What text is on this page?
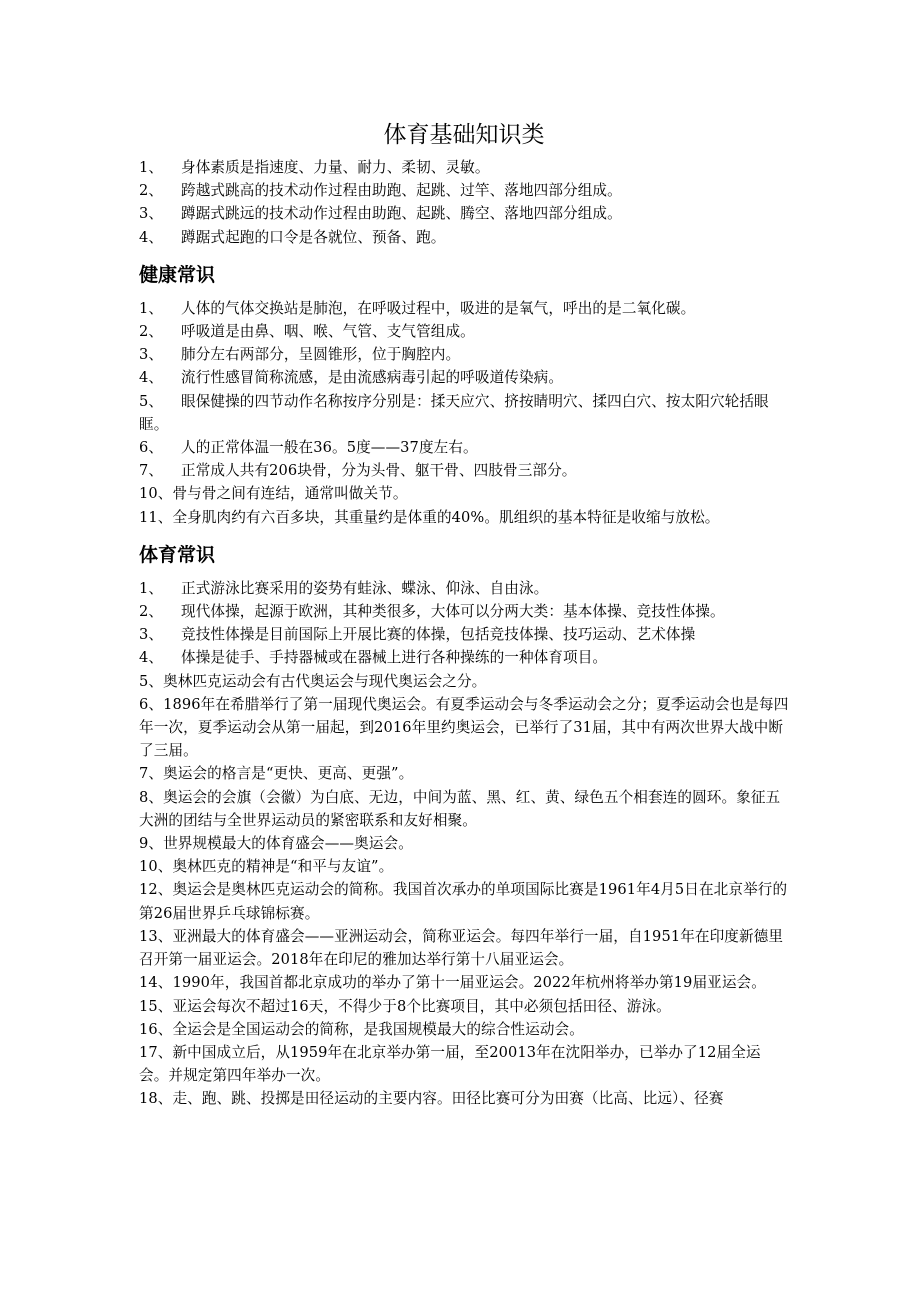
体育基础知识类

1、 身体素质是指速度、力量、耐力、柔韧、灵敏。

2、 跨越式跳高的技术动作过程由助跑、起跳、过竿、落地四部分组成。

3、 蹲踞式跳远的技术动作过程由助跑、起跳、腾空、落地四部分组成。

4、 蹲踞式起跑的口令是各就位、预备、跑。

健康常识

1、 人体的气体交换站是肺泡，在呼吸过程中，吸进的是氧气，呼出的是二氧化碳。

2、 呼吸道是由鼻、咽、喉、气管、支气管组成。

3、 肺分左右两部分，呈圆锥形，位于胸腔内。

4、 流行性感冒简称流感，是由流感病毒引起的呼吸道传染病。

5、 眼保健操的四节动作名称按序分别是：揉天应穴、挤按睛明穴、揉四白穴、按太阳穴轮括眼眶。

6、 人的正常体温一般在36。5度——37度左右。

7、 正常成人共有206块骨，分为头骨、躯干骨、四肢骨三部分。

10、骨与骨之间有连结，通常叫做关节。

11、全身肌肉约有六百多块，其重量约是体重的40%。肌组织的基本特征是收缩与放松。

体育常识

1、 正式游泳比赛采用的姿势有蛙泳、蝶泳、仰泳、自由泳。

2、 现代体操，起源于欧洲，其种类很多，大体可以分两大类：基本体操、竞技性体操。

3、 竞技性体操是目前国际上开展比赛的体操，包括竞技体操、技巧运动、艺术体操

4、 体操是徒手、手持器械或在器械上进行各种操练的一种体育项目。

5、奥林匹克运动会有古代奥运会与现代奥运会之分。

6、1896年在希腊举行了第一届现代奥运会。有夏季运动会与冬季运动会之分；夏季运动会也是每四年一次，夏季运动会从第一届起，到2016年里约奥运会，已举行了31届，其中有两次世界大战中断了三届。

7、奥运会的格言是“更快、更高、更强”。

8、奥运会的会旗（会徽）为白底、无边，中间为蓝、黑、红、黄、绿色五个相套连的圆环。象征五大洲的团结与全世界运动员的紧密联系和友好相聚。

9、世界规模最大的体育盛会——奥运会。

10、奥林匹克的精神是“和平与友谊”。

12、奥运会是奥林匹克运动会的简称。我国首次承办的单项国际比赛是1961年4月5日在北京举行的第26届世界乒乓球锦标赛。

13、亚洲最大的体育盛会——亚洲运动会，简称亚运会。每四年举行一届，自1951年在印度新德里召开第一届亚运会。2018年在印尼的雅加达举行第十八届亚运会。

14、1990年，我国首都北京成功的举办了第十一届亚运会。2022年杭州将举办第19届亚运会。

15、亚运会每次不超过16天，不得少于8个比赛项目，其中必须包括田径、游泳。

16、全运会是全国运动会的简称，是我国规模最大的综合性运动会。

17、新中国成立后，从1959年在北京举办第一届，至20013年在沈阳举办，已举办了12届全运会。并规定第四年举办一次。

18、走、跑、跳、投掷是田径运动的主要内容。田径比赛可分为田赛（比高、比远）、径赛
